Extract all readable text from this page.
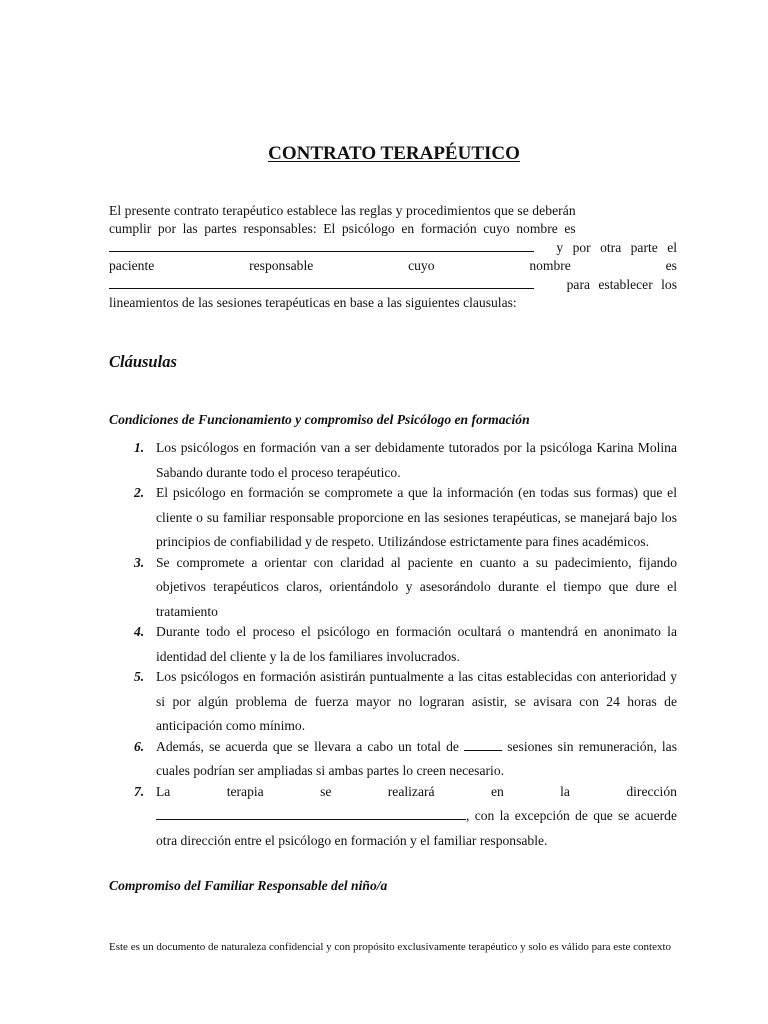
CONTRATO TERAPÉUTICO
El presente contrato terapéutico establece las reglas y procedimientos que se deberán
cumplir por las partes responsables: El psicólogo en formación cuyo nombre es
y por otra parte el
paciente	responsable	cuyo	nombre	es
para establecer los
lineamientos de las sesiones terapéuticas en base a las siguientes clausulas:
Cláusulas
Condiciones de Funcionamiento y compromiso del Psicólogo en formación
1. Los psicólogos en formación van a ser debidamente tutorados por la psicóloga Karina Molina Sabando durante todo el proceso terapéutico.
2. El psicólogo en formación se compromete a que la información (en todas sus formas) que el cliente o su familiar responsable proporcione en las sesiones terapéuticas, se manejará bajo los principios de confiabilidad y de respeto. Utilizándose estrictamente para fines académicos.
3. Se compromete a orientar con claridad al paciente en cuanto a su padecimiento, fijando objetivos terapéuticos claros, orientándolo y asesorándolo durante el tiempo que dure el tratamiento
4. Durante todo el proceso el psicólogo en formación ocultará o mantendrá en anonimato la identidad del cliente y la de los familiares involucrados.
5. Los psicólogos en formación asistirán puntualmente a las citas establecidas con anterioridad y si por algún problema de fuerza mayor no lograran asistir, se avisara con 24 horas de anticipación como mínimo.
6. Además, se acuerda que se llevara a cabo un total de	sesiones sin remuneración, las cuales podrían ser ampliadas si ambas partes lo creen necesario.
7. La	terapia	se	realizará	en	la	dirección
, con la excepción de que se acuerde otra dirección entre el psicólogo en formación y el familiar responsable.
Compromiso del Familiar Responsable del niño/a

Este es un documento de naturaleza confidencial y con propósito exclusivamente terapéutico y solo es válido para este contexto
